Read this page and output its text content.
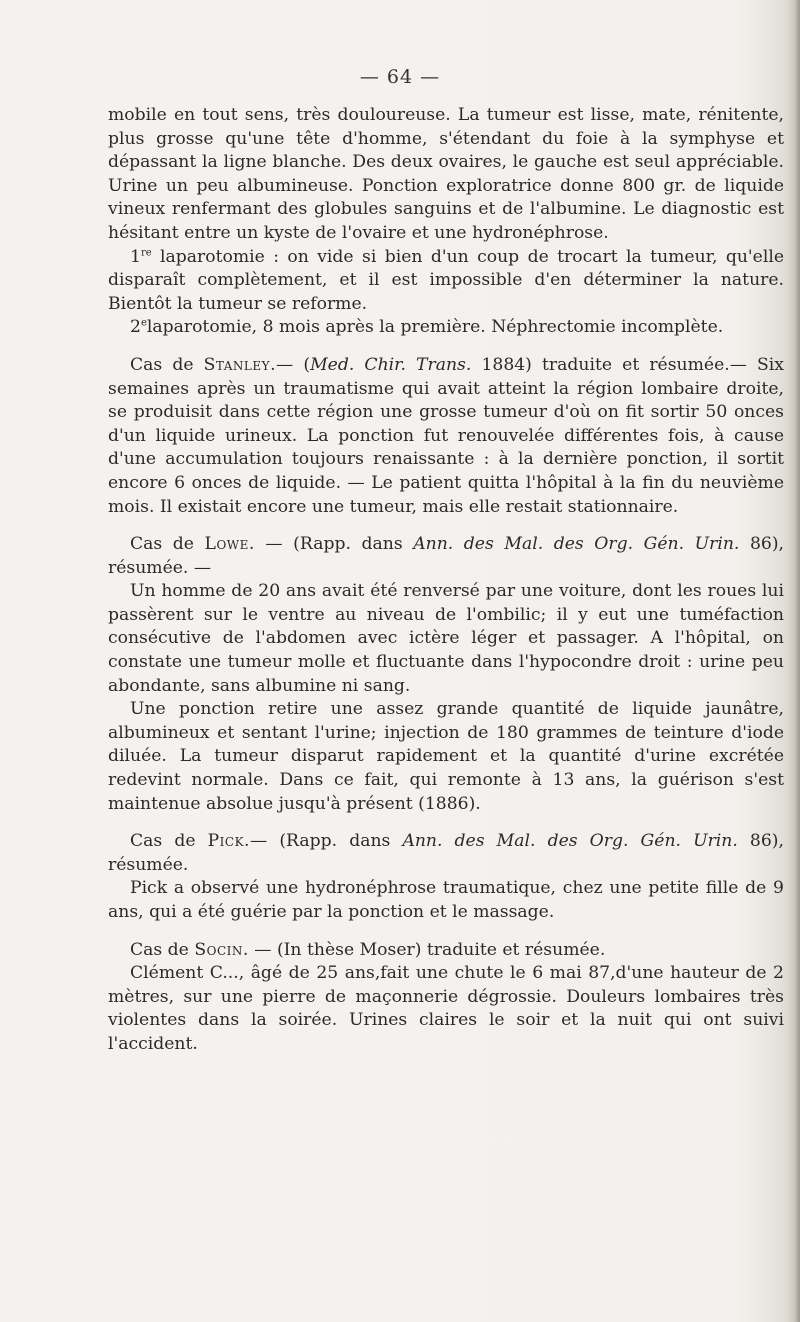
— 64 —

mobile en tout sens, très douloureuse. La tumeur est lisse, mate, rénitente, plus grosse qu'une tête d'homme, s'étendant du foie à la symphyse et dépassant la ligne blanche. Des deux ovaires, le gauche est seul appréciable. Urine un peu albumineuse. Ponction exploratrice donne 800 gr. de liquide vineux renfermant des globules sanguins et de l'albumine. Le diagnostic est hésitant entre un kyste de l'ovaire et une hydronéphrose.

1re laparotomie : on vide si bien d'un coup de trocart la tumeur, qu'elle disparaît complètement, et il est impossible d'en déterminer la nature. Bientôt la tumeur se reforme.

2elaparotomie, 8 mois après la première. Néphrectomie incomplète.

Cas de Stanley.— (Med. Chir. Trans. 1884) traduite et résumée.— Six semaines après un traumatisme qui avait atteint la région lombaire droite, se produisit dans cette région une grosse tumeur d'où on fit sortir 50 onces d'un liquide urineux. La ponction fut renouvelée différentes fois, à cause d'une accumulation toujours renaissante : à la dernière ponction, il sortit encore 6 onces de liquide. — Le patient quitta l'hôpital à la fin du neuvième mois. Il existait encore une tumeur, mais elle restait stationnaire.

Cas de Lowe. — (Rapp. dans Ann. des Mal. des Org. Gén. Urin. 86), résumée. —

Un homme de 20 ans avait été renversé par une voiture, dont les roues lui passèrent sur le ventre au niveau de l'ombilic; il y eut une tuméfaction consécutive de l'abdomen avec ictère léger et passager. A l'hôpital, on constate une tumeur molle et fluctuante dans l'hypocondre droit : urine peu abondante, sans albumine ni sang.

Une ponction retire une assez grande quantité de liquide jaunâtre, albumineux et sentant l'urine; injection de 180 grammes de teinture d'iode diluée. La tumeur disparut rapidement et la quantité d'urine excrétée redevint normale. Dans ce fait, qui remonte à 13 ans, la guérison s'est maintenue absolue jusqu'à présent (1886).

Cas de Pick.— (Rapp. dans Ann. des Mal. des Org. Gén. Urin. 86), résumée.

Pick a observé une hydronéphrose traumatique, chez une petite fille de 9 ans, qui a été guérie par la ponction et le massage.

Cas de Socin. — (In thèse Moser) traduite et résumée.

Clément C..., âgé de 25 ans,fait une chute le 6 mai 87,d'une hauteur de 2 mètres, sur une pierre de maçonnerie dégrossie. Douleurs lombaires très violentes dans la soirée. Urines claires le soir et la nuit qui ont suivi l'accident.
